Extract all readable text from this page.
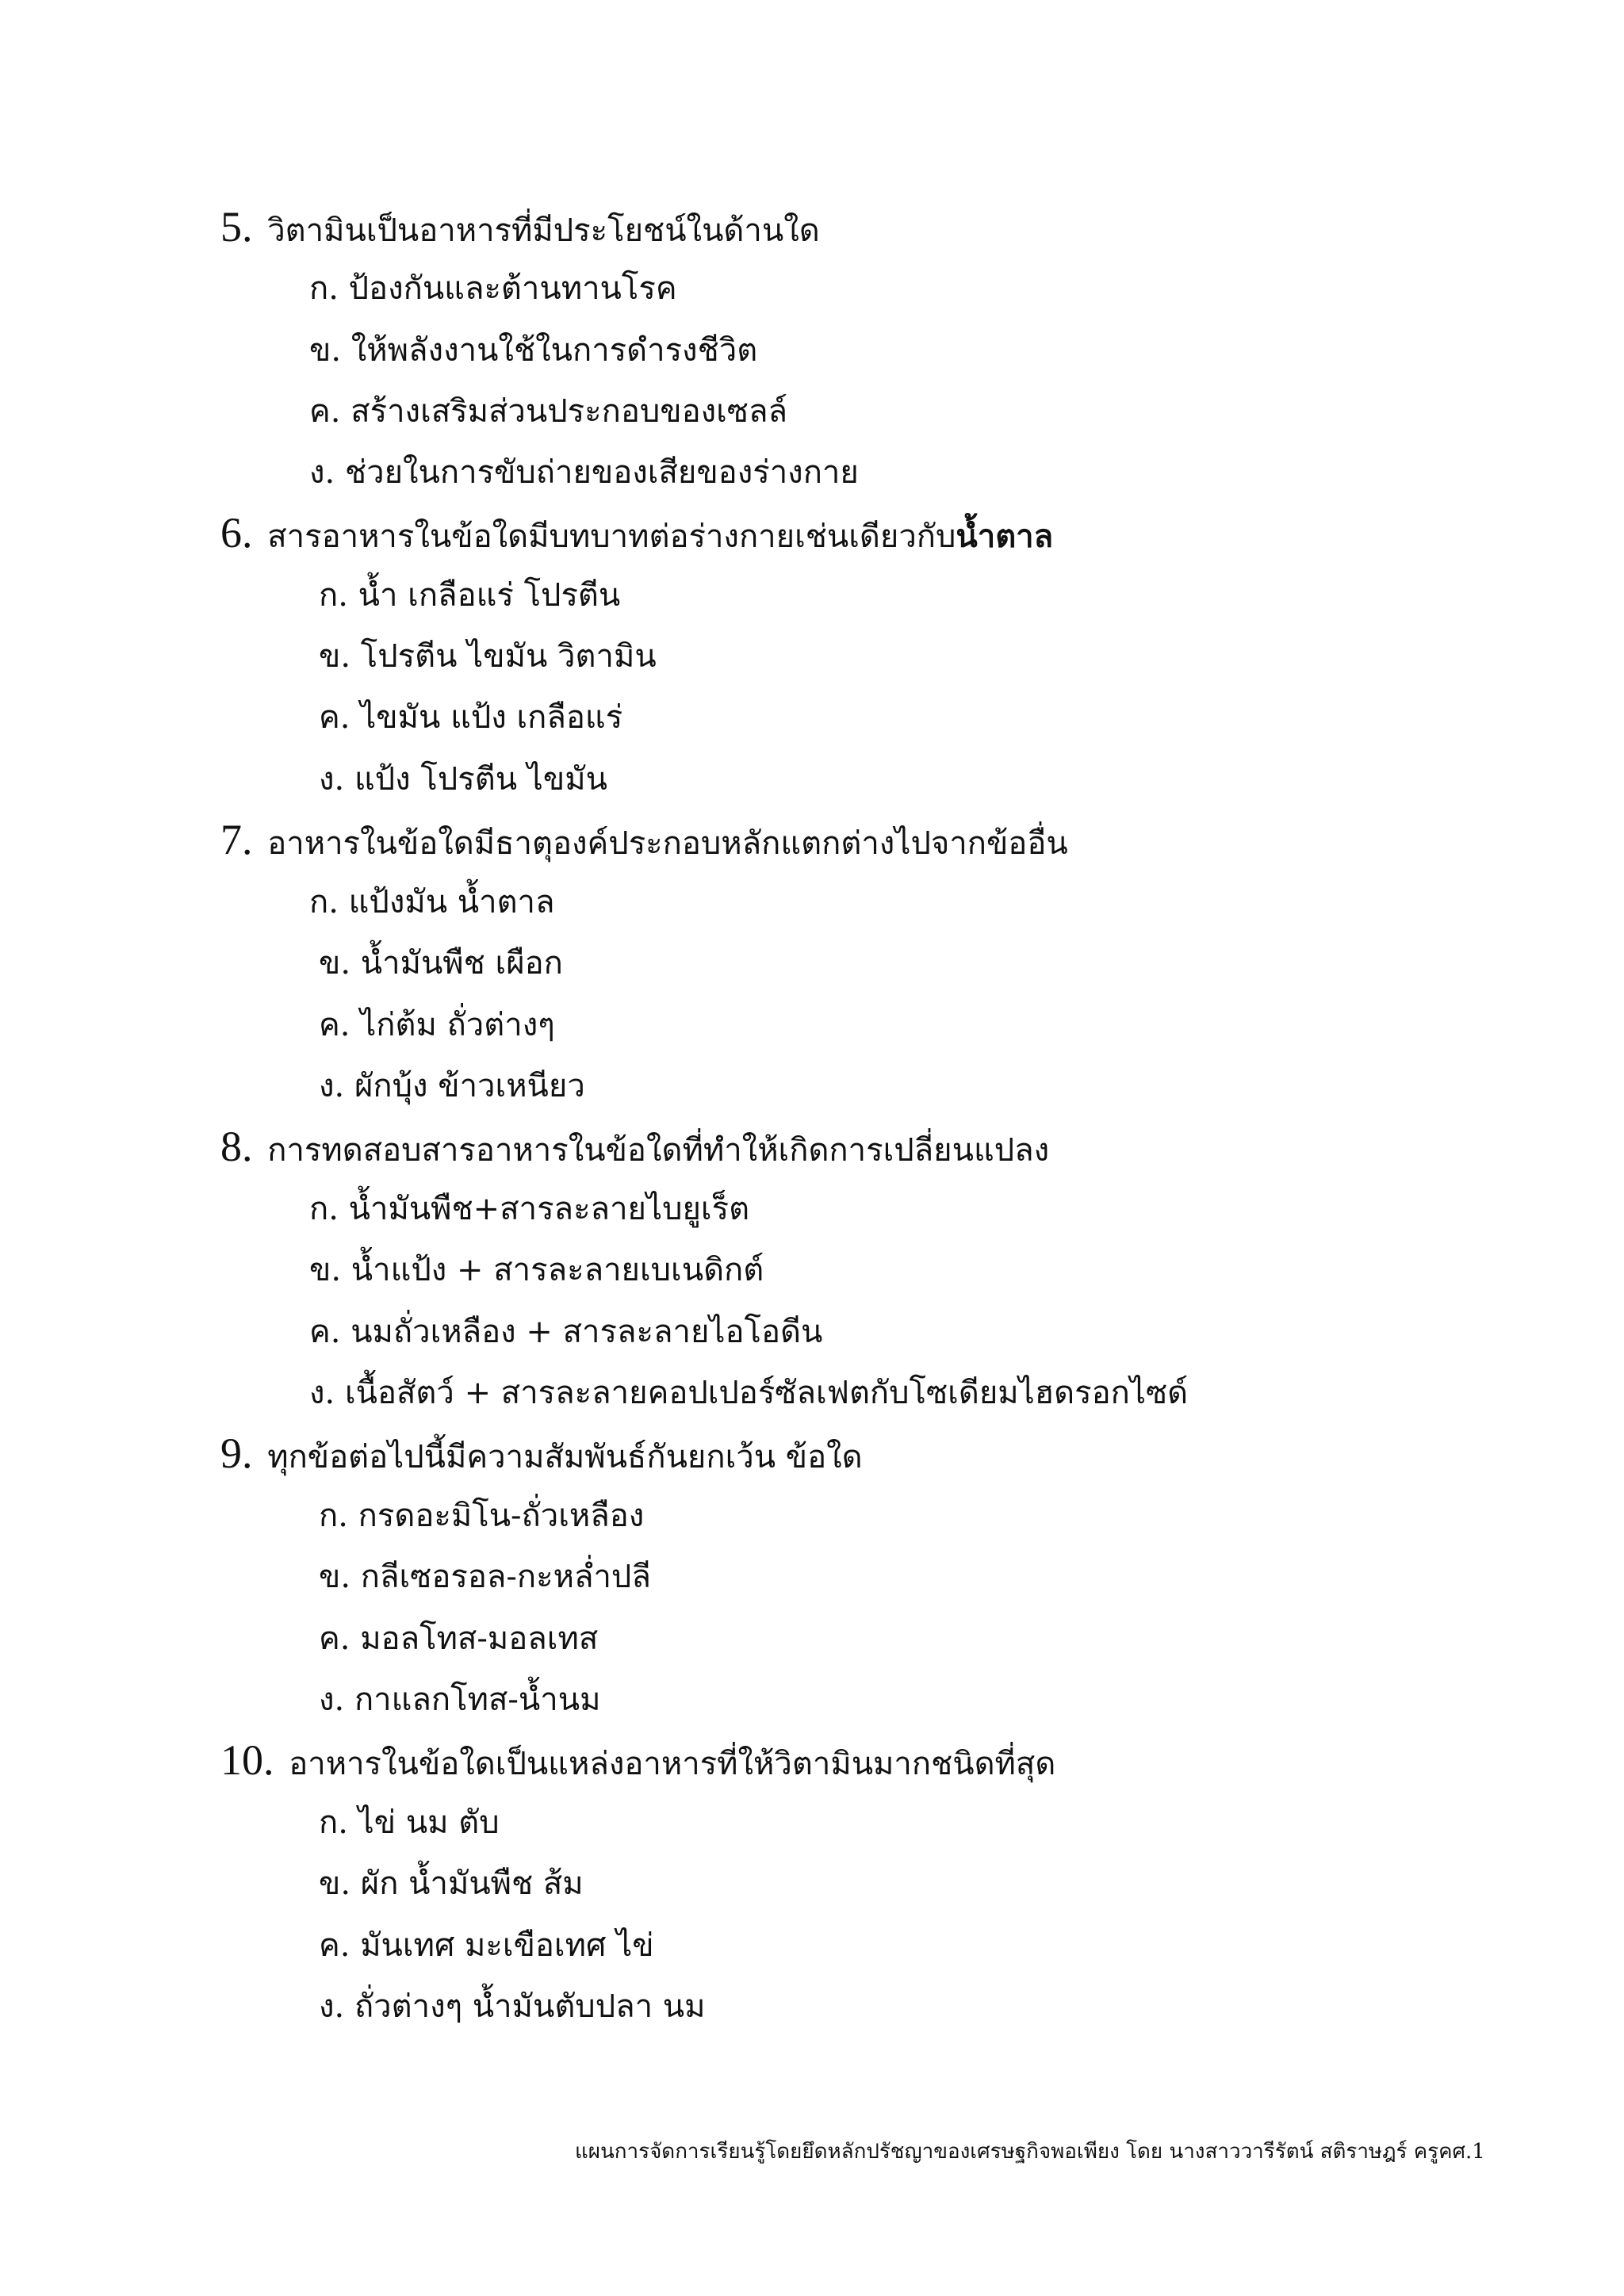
5. วิตามินเป็นอาหารที่มีประโยชน์ในด้านใด
ก. ป้องกันและต้านทานโรค
ข. ให้พลังงานใช้ในการดำรงชีวิต
ค. สร้างเสริมส่วนประกอบของเซลล์
ง. ช่วยในการขับถ่ายของเสียของร่างกาย
6. สารอาหารในข้อใดมีบทบาทต่อร่างกายเช่นเดียวกับน้ำตาล
ก. น้ำ เกลือแร่ โปรตีน
ข. โปรตีน ไขมัน วิตามิน
ค. ไขมัน แป้ง เกลือแร่
ง. แป้ง โปรตีน ไขมัน
7. อาหารในข้อใดมีธาตุองค์ประกอบหลักแตกต่างไปจากข้ออื่น
ก. แป้งมัน น้ำตาล
ข. น้ำมันพืช เผือก
ค. ไก่ต้ม ถั่วต่างๆ
ง. ผักบุ้ง ข้าวเหนียว
8. การทดสอบสารอาหารในข้อใดที่ทำให้เกิดการเปลี่ยนแปลง
ก. น้ำมันพืช+สารละลายไบยูเร็ต
ข. น้ำแป้ง + สารละลายเบเนดิกต์
ค. นมถั่วเหลือง + สารละลายไอโอดีน
ง. เนื้อสัตว์ + สารละลายคอปเปอร์ซัลเฟตกับโซเดียมไฮดรอกไซด์
9. ทุกข้อต่อไปนี้มีความสัมพันธ์กันยกเว้น ข้อใด
ก. กรดอะมิโน-ถั่วเหลือง
ข. กลีเซอรอล-กะหล่ำปลี
ค. มอลโทส-มอลเทส
ง. กาแลกโทส-น้ำนม
10. อาหารในข้อใดเป็นแหล่งอาหารที่ให้วิตามินมากชนิดที่สุด
ก. ไข่ นม ตับ
ข. ผัก น้ำมันพืช ส้ม
ค. มันเทศ มะเขือเทศ ไข่
ง. ถั่วต่างๆ น้ำมันตับปลา นม
แผนการจัดการเรียนรู้โดยยึดหลักปรัชญาของเศรษฐกิจพอเพียง โดย นางสาววารีรัตน์ สติราษฎร์ ครูคศ.1
